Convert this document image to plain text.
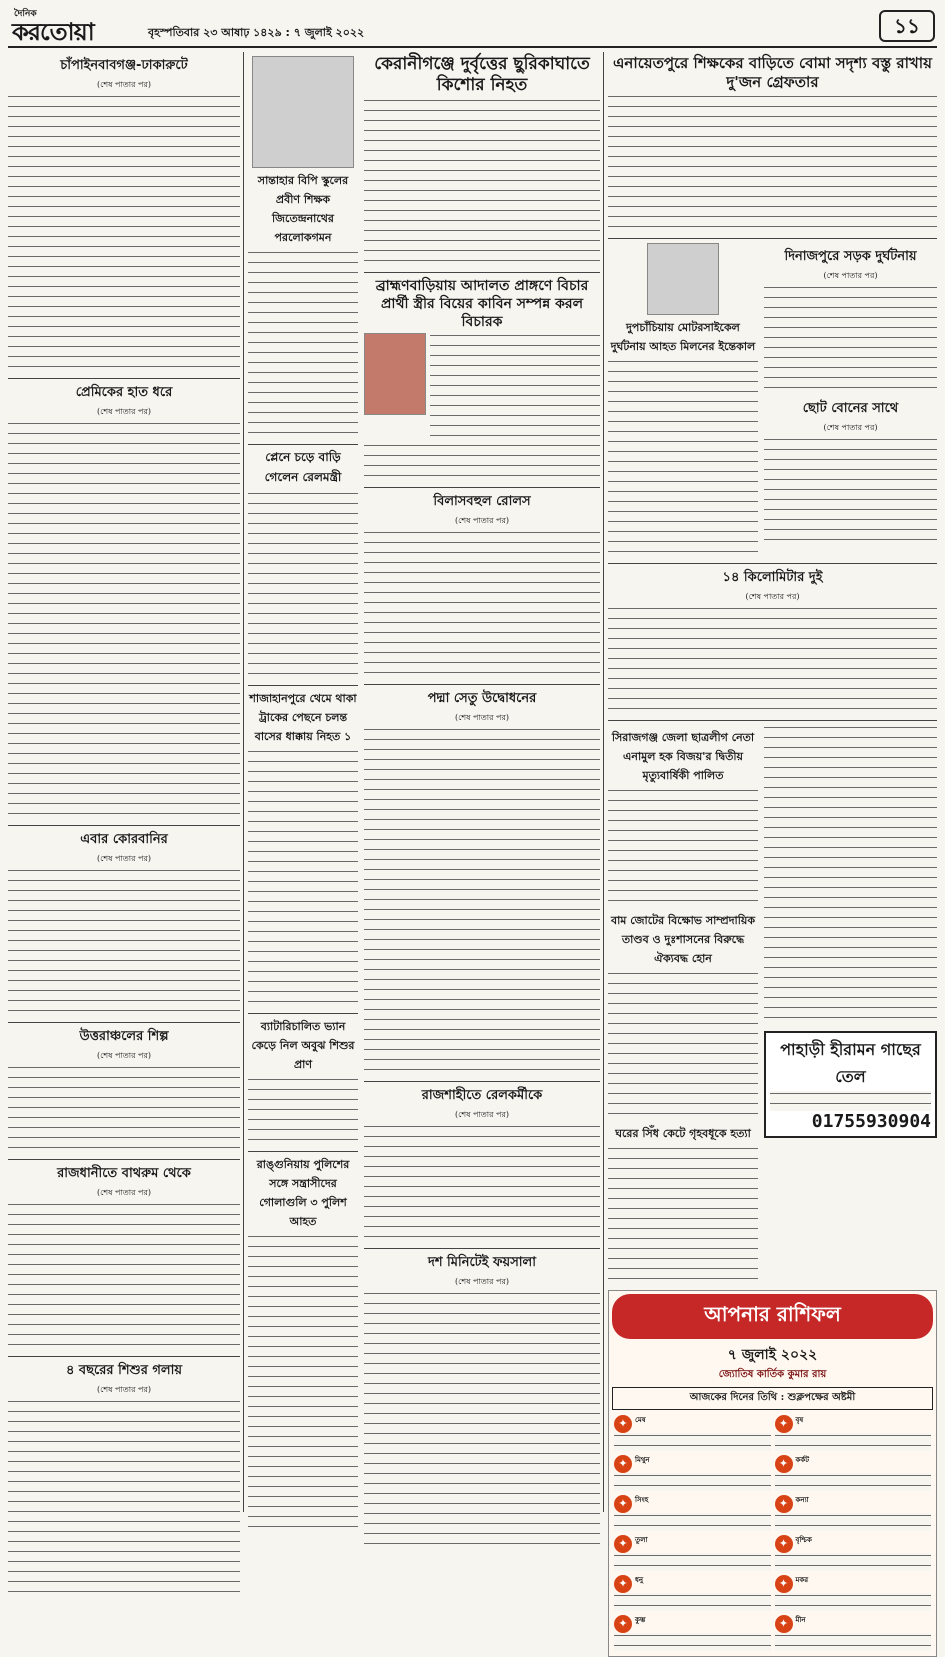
দৈনিক
করতোয়া	বৃহস্পতিবার ২৩ আষাঢ় ১৪২৯ : ৭ জুলাই ২০২২	১১
চাঁপাইনবাবগঞ্জ-ঢাকারুটে
(শেষ পাতার পর)
প্রেমিকের হাত ধরে
(শেষ পাতার পর)
এবার কোরবানির
(শেষ পাতার পর)
উত্তরাঞ্চলের শিল্প
(শেষ পাতার পর)
রাজধানীতে বাথরুম থেকে
(শেষ পাতার পর)
৪ বছরের শিশুর গলায়
(শেষ পাতার পর)
সান্তাহার বিপি স্কুলের প্রবীণ শিক্ষক জিতেন্দ্রনাথের পরলোকগমন
প্লেনে চড়ে বাড়ি গেলেন রেলমন্ত্রী
শাজাহানপুরে থেমে থাকা ট্রাকের পেছনে চলন্ত বাসের ধাক্কায় নিহত ১
ব্যাটারিচালিত ভ্যান কেড়ে নিল অবুঝ শিশুর প্রাণ
রাঙ্গুনিয়ায় পুলিশের সঙ্গে সন্ত্রাসীদের গোলাগুলি ৩ পুলিশ আহত
কেরানীগঞ্জে দুর্বৃত্তের ছুরিকাঘাতে কিশোর নিহত
ব্রাহ্মণবাড়িয়ায় আদালত প্রাঙ্গণে বিচার প্রার্থী স্ত্রীর বিয়ের কাবিন সম্পন্ন করল বিচারক
বিলাসবহুল রোলস
(শেষ পাতার পর)
পদ্মা সেতু উদ্বোধনের
(শেষ পাতার পর)
রাজশাহীতে রেলকর্মীকে
(শেষ পাতার পর)
দশ মিনিটেই ফয়সালা
(শেষ পাতার পর)
এনায়েতপুরে শিক্ষকের বাড়িতে বোমা সদৃশ্য বস্তু রাখায় দু'জন গ্রেফতার
দুপচাঁচিয়ায় মোটরসাইকেল দুর্ঘটনায় আহত মিলনের ইন্তেকাল
দিনাজপুরে সড়ক দুর্ঘটনায়
(শেষ পাতার পর)
ছোট বোনের সাথে
(শেষ পাতার পর)
১৪ কিলোমিটার দুই
(শেষ পাতার পর)
সিরাজগঞ্জ জেলা ছাত্রলীগ নেতা এনামুল হক বিজয়'র দ্বিতীয় মৃত্যুবার্ষিকী পালিত
বাম জোটের বিক্ষোভ সাম্প্রদায়িক তাণ্ডব ও দুঃশাসনের বিরুদ্ধে ঐক্যবদ্ধ হোন
ঘরের সিঁধ কেটে গৃহবধূকে হত্যা
পাহাড়ী হীরামন গাছের তেল
01755930904
আপনার রাশিফল
৭ জুলাই ২০২২
জ্যোতিষ কার্তিক কুমার রায়
আজকের দিনের তিথি : শুক্লপক্ষের অষ্টমী
✦ মেষ	✦ বৃষ
✦ মিথুন	✦ কর্কট
✦ সিংহ	✦ কন্যা
✦ তুলা	✦ বৃশ্চিক
✦ ধনু	✦ মকর
✦ কুম্ভ	✦ মীন
